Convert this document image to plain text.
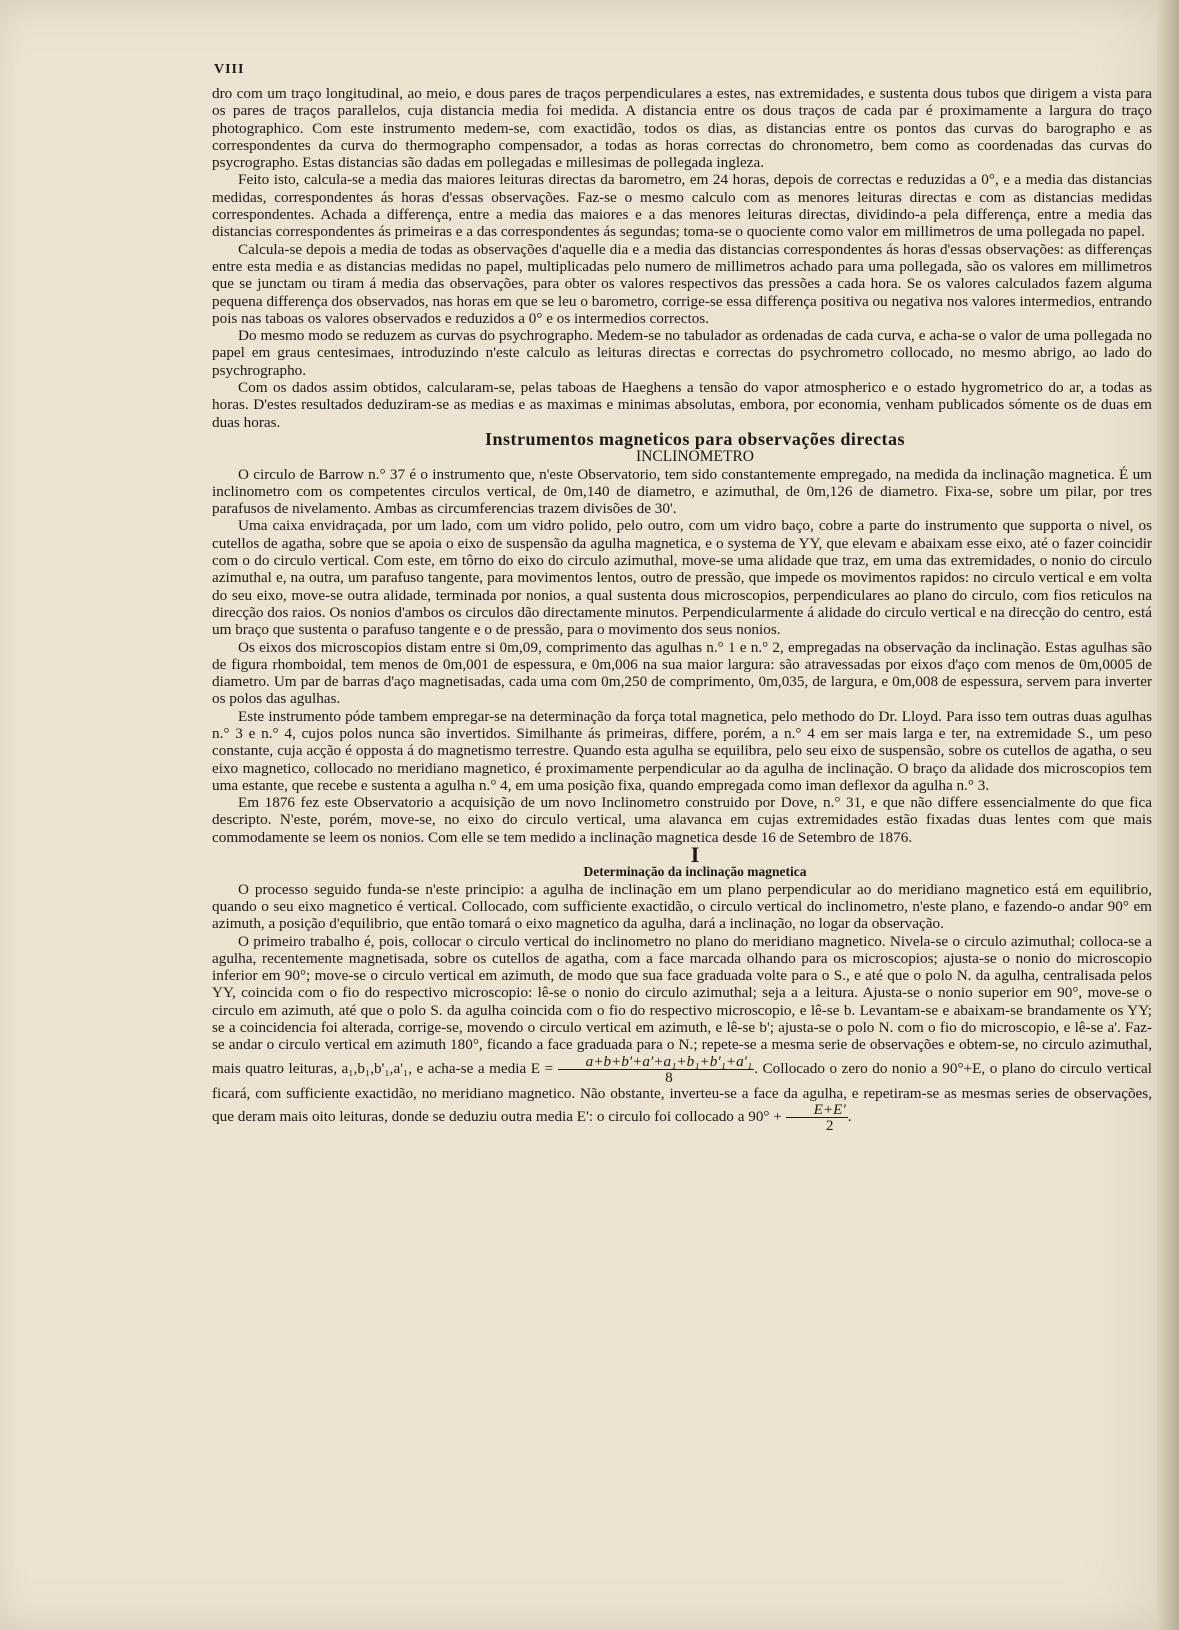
VIII

dro com um traço longitudinal, ao meio, e dous pares de traços perpendiculares a estes, nas extremidades, e sustenta dous tubos que dirigem a vista para os pares de traços parallelos, cuja distancia media foi medida. A distancia entre os dous traços de cada par é proximamente a largura do traço photographico. Com este instrumento medem-se, com exactidão, todos os dias, as distancias entre os pontos das curvas do barographo e as correspondentes da curva do thermographo compensador, a todas as horas correctas do chronometro, bem como as coordenadas das curvas do psycrographo. Estas distancias são dadas em pollegadas e millesimas de pollegada ingleza.

Feito isto, calcula-se a media das maiores leituras directas da barometro, em 24 horas, depois de correctas e reduzidas a 0°, e a media das distancias medidas, correspondentes ás horas d'essas observações. Faz-se o mesmo calculo com as menores leituras directas e com as distancias medidas correspondentes. Achada a differença, entre a media das maiores e a das menores leituras directas, dividindo-a pela differença, entre a media das distancias correspondentes ás primeiras e a das correspondentes ás segundas; toma-se o quociente como valor em millimetros de uma pollegada no papel.

Calcula-se depois a media de todas as observações d'aquelle dia e a media das distancias correspondentes ás horas d'essas observações: as differenças entre esta media e as distancias medidas no papel, multiplicadas pelo numero de millimetros achado para uma pollegada, são os valores em millimetros que se junctam ou tiram á media das observações, para obter os valores respectivos das pressões a cada hora. Se os valores calculados fazem alguma pequena differença dos observados, nas horas em que se leu o barometro, corrige-se essa differença positiva ou negativa nos valores intermedios, entrando pois nas taboas os valores observados e reduzidos a 0° e os intermedios correctos.

Do mesmo modo se reduzem as curvas do psychrographo. Medem-se no tabulador as ordenadas de cada curva, e acha-se o valor de uma pollegada no papel em graus centesimaes, introduzindo n'este calculo as leituras directas e correctas do psychrometro collocado, no mesmo abrigo, ao lado do psychrographo.

Com os dados assim obtidos, calcularam-se, pelas taboas de Haeghens a tensão do vapor atmospherico e o estado hygrometrico do ar, a todas as horas. D'estes resultados deduziram-se as medias e as maximas e minimas absolutas, embora, por economia, venham publicados sómente os de duas em duas horas.

Instrumentos magneticos para observações directas

INCLINOMETRO

O circulo de Barrow n.° 37 é o instrumento que, n'este Observatorio, tem sido constantemente empregado, na medida da inclinação magnetica. É um inclinometro com os competentes circulos vertical, de 0m,140 de diametro, e azimuthal, de 0m,126 de diametro. Fixa-se, sobre um pilar, por tres parafusos de nivelamento. Ambas as circumferencias trazem divisões de 30'.

Uma caixa envidraçada, por um lado, com um vidro polido, pelo outro, com um vidro baço, cobre a parte do instrumento que supporta o nivel, os cutellos de agatha, sobre que se apoia o eixo de suspensão da agulha magnetica, e o systema de YY, que elevam e abaixam esse eixo, até o fazer coincidir com o do circulo vertical. Com este, em tôrno do eixo do circulo azimuthal, move-se uma alidade que traz, em uma das extremidades, o nonio do circulo azimuthal e, na outra, um parafuso tangente, para movimentos lentos, outro de pressão, que impede os movimentos rapidos: no circulo vertical e em volta do seu eixo, move-se outra alidade, terminada por nonios, a qual sustenta dous microscopios, perpendiculares ao plano do circulo, com fios reticulos na direcção dos raios. Os nonios d'ambos os circulos dão directamente minutos. Perpendicularmente á alidade do circulo vertical e na direcção do centro, está um braço que sustenta o parafuso tangente e o de pressão, para o movimento dos seus nonios.

Os eixos dos microscopios distam entre si 0m,09, comprimento das agulhas n.° 1 e n.° 2, empregadas na observação da inclinação. Estas agulhas são de figura rhomboidal, tem menos de 0m,001 de espessura, e 0m,006 na sua maior largura: são atravessadas por eixos d'aço com menos de 0m,0005 de diametro. Um par de barras d'aço magnetisadas, cada uma com 0m,250 de comprimento, 0m,035, de largura, e 0m,008 de espessura, servem para inverter os polos das agulhas.

Este instrumento póde tambem empregar-se na determinação da força total magnetica, pelo methodo do Dr. Lloyd. Para isso tem outras duas agulhas n.° 3 e n.° 4, cujos polos nunca são invertidos. Similhante ás primeiras, differe, porém, a n.° 4 em ser mais larga e ter, na extremidade S., um peso constante, cuja acção é opposta á do magnetismo terrestre. Quando esta agulha se equilibra, pelo seu eixo de suspensão, sobre os cutellos de agatha, o seu eixo magnetico, collocado no meridiano magnetico, é proximamente perpendicular ao da agulha de inclinação. O braço da alidade dos microscopios tem uma estante, que recebe e sustenta a agulha n.° 4, em uma posição fixa, quando empregada como iman deflexor da agulha n.° 3.

Em 1876 fez este Observatorio a acquisição de um novo Inclinometro construido por Dove, n.° 31, e que não differe essencialmente do que fica descripto. N'este, porém, move-se, no eixo do circulo vertical, uma alavanca em cujas extremidades estão fixadas duas lentes com que mais commodamente se leem os nonios. Com elle se tem medido a inclinação magnetica desde 16 de Setembro de 1876.

I

Determinação da inclinação magnetica

O processo seguido funda-se n'este principio: a agulha de inclinação em um plano perpendicular ao do meridiano magnetico está em equilibrio, quando o seu eixo magnetico é vertical. Collocado, com sufficiente exactidão, o circulo vertical do inclinometro, n'este plano, e fazendo-o andar 90° em azimuth, a posição d'equilibrio, que então tomará o eixo magnetico da agulha, dará a inclinação, no logar da observação.

O primeiro trabalho é, pois, collocar o circulo vertical do inclinometro no plano do meridiano magnetico. Nivela-se o circulo azimuthal; colloca-se a agulha, recentemente magnetisada, sobre os cutellos de agatha, com a face marcada olhando para os microscopios; ajusta-se o nonio do microscopio inferior em 90°; move-se o circulo vertical em azimuth, de modo que sua face graduada volte para o S., e até que o polo N. da agulha, centralisada pelos YY, coincida com o fio do respectivo microscopio: lê-se o nonio do circulo azimuthal; seja a a leitura. Ajusta-se o nonio superior em 90°, move-se o circulo em azimuth, até que o polo S. da agulha coincida com o fio do respectivo microscopio, e lê-se b. Levantam-se e abaixam-se brandamente os YY; se a coincidencia foi alterada, corrige-se, movendo o circulo vertical em azimuth, e lê-se b'; ajusta-se o polo N. com o fio do microscopio, e lê-se a'. Faz-se andar o circulo vertical em azimuth 180°, ficando a face graduada para o N.; repete-se a mesma serie de observações e obtem-se, no circulo azimuthal, mais quatro leituras, a₁,b₁,b'₁,a'₁, e acha-se a media $E = \frac{\text{a+b+b'+a'+a₁+b₁+b'₁+a'₁}}{8}$ . Collocado o zero do nonio a 90°+E, o plano do circulo vertical ficará, com sufficiente exactidão, no meridiano magnetico. Não obstante, inverteu-se a face da agulha, e repetiram-se as mesmas series de observações, que deram mais oito leituras, donde se deduziu outra media E': o circulo foi collocado a $90^\circ + \frac{E+E'}{2}$ .
